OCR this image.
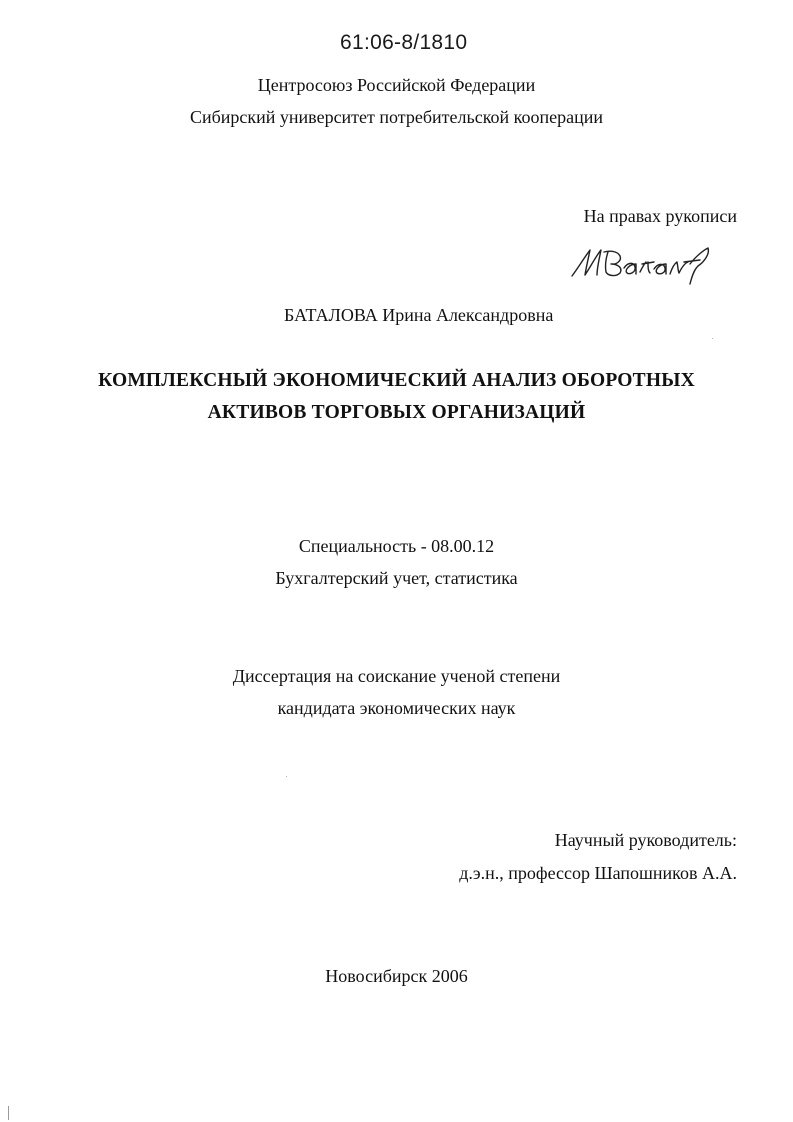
61:06-8/1810
Центросоюз Российской Федерации
Сибирский университет потребительской кооперации
На правах рукописи
БАТАЛОВА Ирина Александровна
КОМПЛЕКСНЫЙ ЭКОНОМИЧЕСКИЙ АНАЛИЗ ОБОРОТНЫХ
АКТИВОВ ТОРГОВЫХ ОРГАНИЗАЦИЙ
Специальность - 08.00.12
Бухгалтерский учет, статистика
Диссертация на соискание ученой степени
кандидата экономических наук
Научный руководитель:
д.э.н., профессор Шапошников А.А.
Новосибирск 2006
